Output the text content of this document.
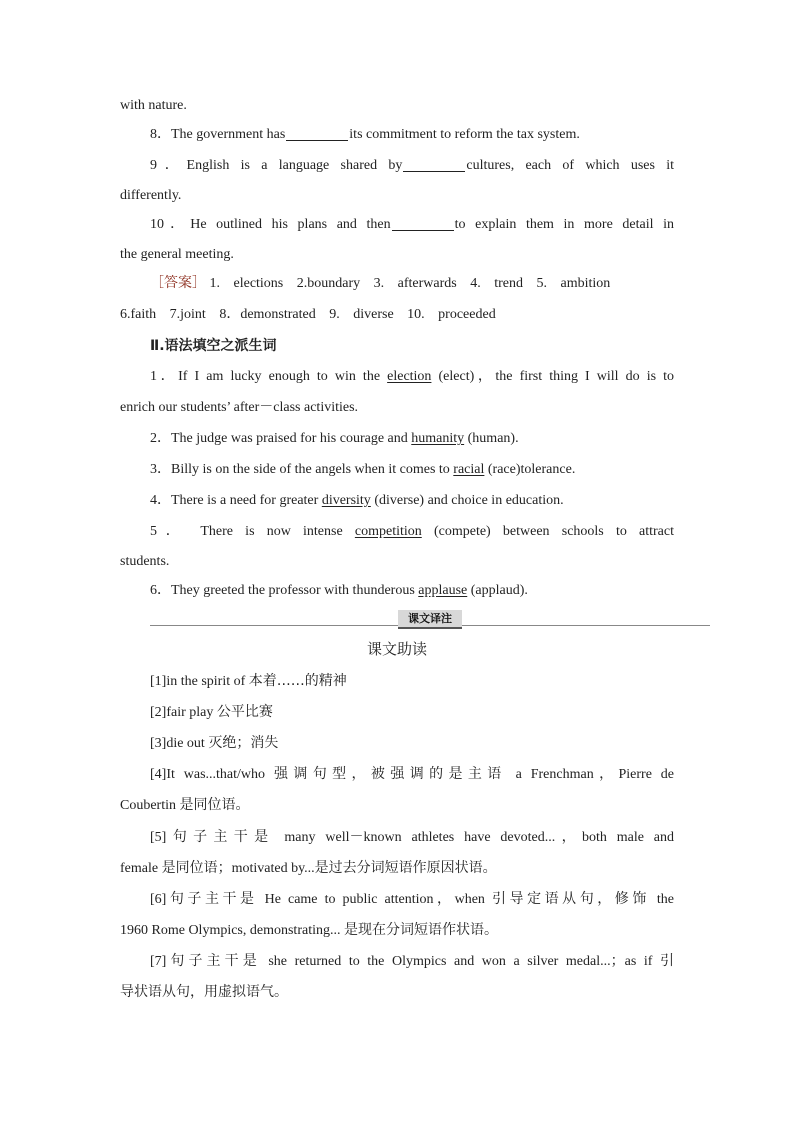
with nature.
8．The government has	its commitment to reform the tax system.
9．English is a language shared by	cultures, each of which uses it
differently.
10．He outlined his plans and then	to explain them in more detail in
the general meeting.
［答案］ 1. elections 2.boundary 3. afterwards 4. trend 5. ambition
6.faith 7.joint 8．demonstrated 9. diverse 10. proceeded
Ⅱ.语法填空之派生词
1．If I am lucky enough to win the election (elect)，the first thing I will do is to
enrich our students’ after－class activities.
2．The judge was praised for his courage and humanity (human).
3．Billy is on the side of the angels when it comes to racial (race)tolerance.
4．There is a need for greater diversity (diverse) and choice in education.
5． There is now intense competition (compete) between schools to attract
students.
6．They greeted the professor with thunderous applause (applaud).
课文译注
课文助读
[1]in the spirit of 本着……的精神
[2]fair play 公平比赛
[3]die out 灭绝；消失
[4]It was...that/who 强调句型，被强调的是主语 a Frenchman，Pierre de
Coubertin 是同位语。
[5]句子主干是 many well－known athletes have devoted...，both male and
female 是同位语；motivated by...是过去分词短语作原因状语。
[6]句子主干是 He came to public attention，when 引导定语从句，修饰 the
1960 Rome Olympics, demonstrating... 是现在分词短语作状语。
[7]句子主干是 she returned to the Olympics and won a silver medal...；as if 引
导状语从句，用虚拟语气。
